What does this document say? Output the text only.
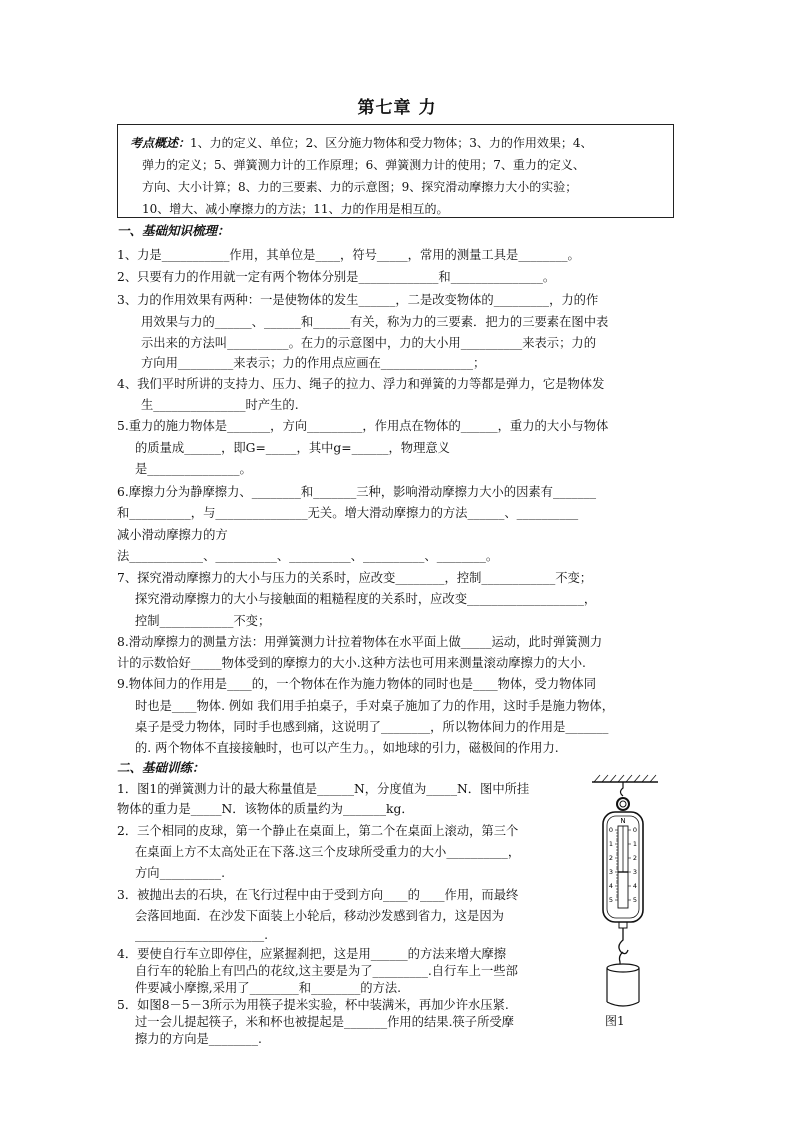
第七章 力
考点概述：1、力的定义、单位；2、区分施力物体和受力物体；3、力的作用效果；4、
弹力的定义；5、弹簧测力计的工作原理；6、弹簧测力计的使用；7、重力的定义、
方向、大小计算；8、力的三要素、力的示意图；9、探究滑动摩擦力大小的实验；
10、增大、减小摩擦力的方法；11、力的作用是相互的。
一、基础知识梳理：
1、力是___________作用，其单位是____，符号_____，常用的测量工具是________。
2、只要有力的作用就一定有两个物体分别是_____________和_______________。
3、力的作用效果有两种：一是使物体的发生______，二是改变物体的_________，力的作
用效果与力的______、______和______有关，称为力的三要素．把力的三要素在图中表
示出来的方法叫__________。在力的示意图中，力的大小用__________来表示；力的
方向用_________来表示；力的作用点应画在_______________；
4、我们平时所讲的支持力、压力、绳子的拉力、浮力和弹簧的力等都是弹力，它是物体发
生_______________时产生的.
5.重力的施力物体是_______，方向_________，作用点在物体的______，重力的大小与物体
的质量成______，即G=_____，其中g=______，物理意义
是_______________。
6.摩擦力分为静摩擦力、________和_______三种，影响滑动摩擦力大小的因素有_______
和__________，与_______________无关。增大滑动摩擦力的方法______、__________
减小滑动摩擦力的方
法____________、__________、__________、__________、________。
7、探究滑动摩擦力的大小与压力的关系时，应改变________，控制____________不变；
探究滑动摩擦力的大小与接触面的粗糙程度的关系时，应改变___________________，
控制____________不变；
8.滑动摩擦力的测量方法：用弹簧测力计拉着物体在水平面上做_____运动，此时弹簧测力
计的示数恰好_____物体受到的摩擦力的大小.这种方法也可用来测量滚动摩擦力的大小.
9.物体间力的作用是____的，一个物体在作为施力物体的同时也是____物体，受力物体同
时也是____物体. 例如 我们用手拍桌子，手对桌子施加了力的作用，这时手是施力物体，
桌子是受力物体，同时手也感到痛，这说明了________，所以物体间力的作用是_______
的. 两个物体不直接接触时，也可以产生力。，如地球的引力，磁极间的作用力.
二、基础训练：
1．图1的弹簧测力计的最大称量值是______N，分度值为_____N．图中所挂
物体的重力是_____N．该物体的质量约为_______kg．
2．三个相同的皮球，第一个静止在桌面上，第二个在桌面上滚动，第三个
在桌面上方不太高处正在下落.这三个皮球所受重力的大小__________，
方向__________.
3．被抛出去的石块，在飞行过程中由于受到方向____的____作用，而最终
会落回地面．在沙发下面装上小轮后，移动沙发感到省力，这是因为
_____________________.
4．要使自行车立即停住，应紧握刹把，这是用______的方法来增大摩擦
自行车的轮胎上有凹凸的花纹,这主要是为了_________.自行车上一些部
件要减小摩擦,采用了________和________的方法.
5．如图8－5－3所示为用筷子提米实验，杯中装满米，再加少许水压紧.
过一会儿提起筷子，米和杯也被提起是_______作用的结果.筷子所受摩
擦力的方向是________.
N
0
1
2
3
4
5
0
1
2
3
4
5
图1
